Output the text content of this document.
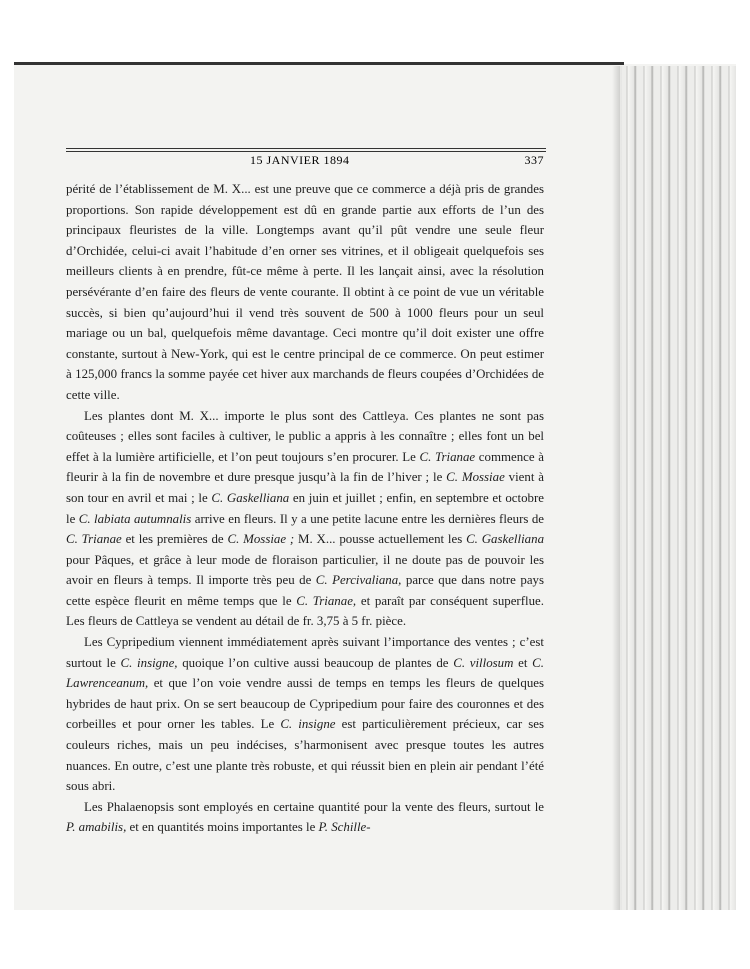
15 JANVIER 1894	337

périté de l’établissement de M. X... est une preuve que ce commerce a déjà pris de grandes proportions. Son rapide développement est dû en grande partie aux efforts de l’un des principaux fleuristes de la ville. Longtemps avant qu’il pût vendre une seule fleur d’Orchidée, celui-ci avait l’habitude d’en orner ses vitrines, et il obligeait quelquefois ses meilleurs clients à en prendre, fût-ce même à perte. Il les lançait ainsi, avec la résolution persévérante d’en faire des fleurs de vente courante. Il obtint à ce point de vue un véritable succès, si bien qu’aujourd’hui il vend très souvent de 500 à 1000 fleurs pour un seul mariage ou un bal, quelquefois même davantage. Ceci montre qu’il doit exister une offre constante, surtout à New-York, qui est le centre principal de ce commerce. On peut estimer à 125,000 francs la somme payée cet hiver aux marchands de fleurs coupées d’Orchidées de cette ville.

Les plantes dont M. X... importe le plus sont des Cattleya. Ces plantes ne sont pas coûteuses ; elles sont faciles à cultiver, le public a appris à les connaître ; elles font un bel effet à la lumière artificielle, et l’on peut toujours s’en procurer. Le C. Trianae commence à fleurir à la fin de novembre et dure presque jusqu’à la fin de l’hiver ; le C. Mossiae vient à son tour en avril et mai ; le C. Gaskelliana en juin et juillet ; enfin, en septembre et octobre le C. labiata autumnalis arrive en fleurs. Il y a une petite lacune entre les dernières fleurs de C. Trianae et les premières de C. Mossiae ; M. X... pousse actuellement les C. Gaskelliana pour Pâques, et grâce à leur mode de floraison particulier, il ne doute pas de pouvoir les avoir en fleurs à temps. Il importe très peu de C. Percivaliana, parce que dans notre pays cette espèce fleurit en même temps que le C. Trianae, et paraît par conséquent superflue. Les fleurs de Cattleya se vendent au détail de fr. 3,75 à 5 fr. pièce.

Les Cypripedium viennent immédiatement après suivant l’importance des ventes ; c’est surtout le C. insigne, quoique l’on cultive aussi beaucoup de plantes de C. villosum et C. Lawrenceanum, et que l’on voie vendre aussi de temps en temps les fleurs de quelques hybrides de haut prix. On se sert beaucoup de Cypripedium pour faire des couronnes et des corbeilles et pour orner les tables. Le C. insigne est particulièrement précieux, car ses couleurs riches, mais un peu indécises, s’harmonisent avec presque toutes les autres nuances. En outre, c’est une plante très robuste, et qui réussit bien en plein air pendant l’été sous abri.

Les Phalaenopsis sont employés en certaine quantité pour la vente des fleurs, surtout le P. amabilis, et en quantités moins importantes le P. Schille-
